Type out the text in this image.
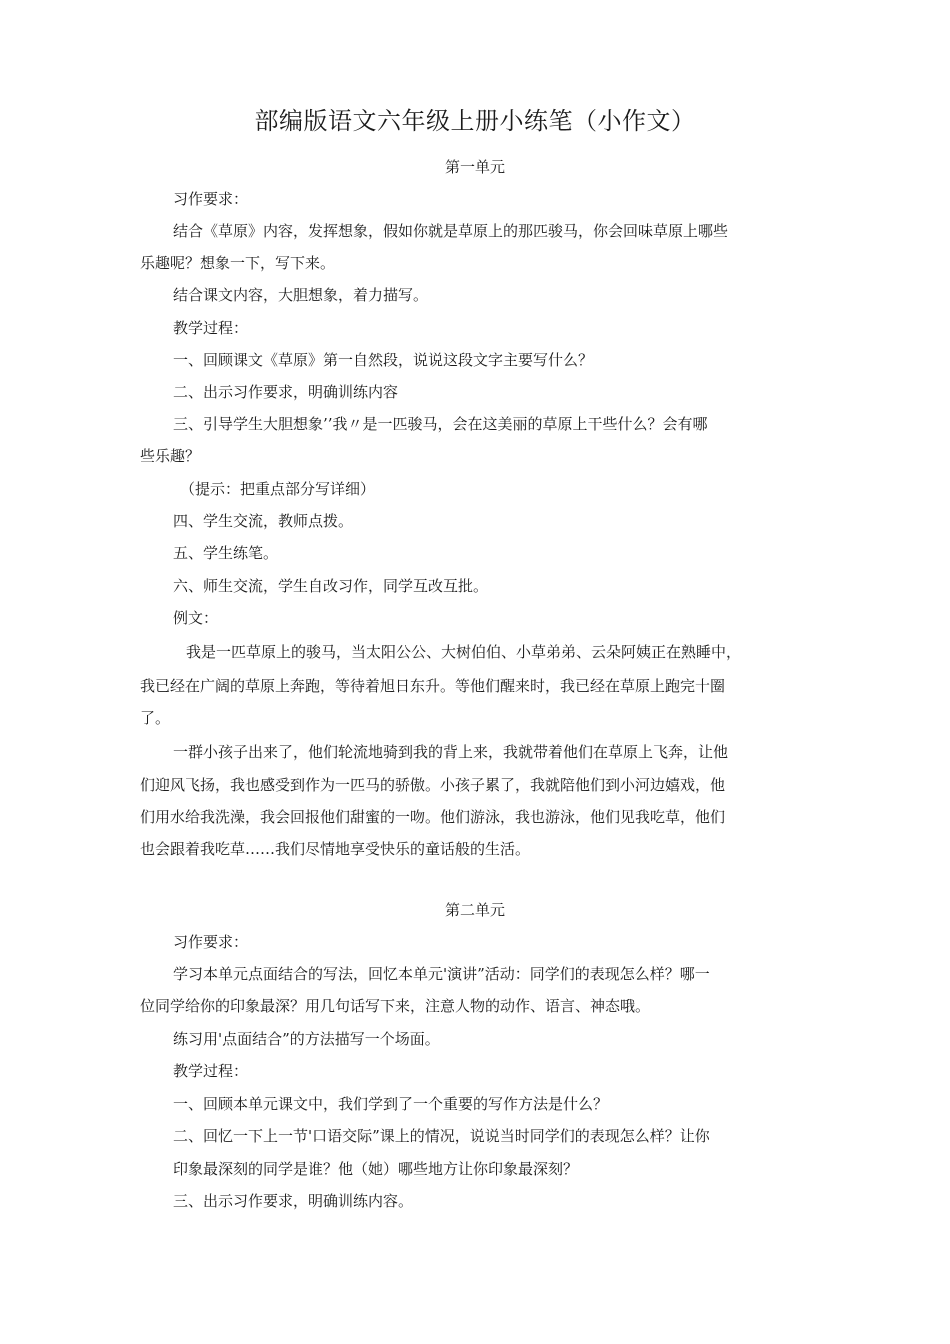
部编版语文六年级上册小练笔（小作文）
第一单元
习作要求：
结合《草原》内容，发挥想象，假如你就是草原上的那匹骏马，你会回味草原上哪些
乐趣呢？想象一下，写下来。
结合课文内容，大胆想象，着力描写。
教学过程：
一、回顾课文《草原》第一自然段，说说这段文字主要写什么？
二、出示习作要求，明确训练内容
三、引导学生大胆想象’’我〃是一匹骏马，会在这美丽的草原上干些什么？会有哪
些乐趣？
（提示：把重点部分写详细）
四、学生交流，教师点拨。
五、学生练笔。
六、师生交流，学生自改习作，同学互改互批。
例文：
我是一匹草原上的骏马，当太阳公公、大树伯伯、小草弟弟、云朵阿姨正在熟睡中，
我已经在广阔的草原上奔跑，等待着旭日东升。等他们醒来时，我已经在草原上跑完十圈
了。
一群小孩子出来了，他们轮流地骑到我的背上来，我就带着他们在草原上飞奔，让他
们迎风飞扬，我也感受到作为一匹马的骄傲。小孩子累了，我就陪他们到小河边嬉戏，他
们用水给我洗澡，我会回报他们甜蜜的一吻。他们游泳，我也游泳，他们见我吃草，他们
也会跟着我吃草……我们尽情地享受快乐的童话般的生活。
第二单元
习作要求：
学习本单元点面结合的写法，回忆本单元'演讲”活动：同学们的表现怎么样？哪一
位同学给你的印象最深？用几句话写下来，注意人物的动作、语言、神态哦。
练习用'点面结合”的方法描写一个场面。
教学过程：
一、回顾本单元课文中，我们学到了一个重要的写作方法是什么？
二、回忆一下上一节'口语交际”课上的情况，说说当时同学们的表现怎么样？让你
印象最深刻的同学是谁？他（她）哪些地方让你印象最深刻？
三、出示习作要求，明确训练内容。
